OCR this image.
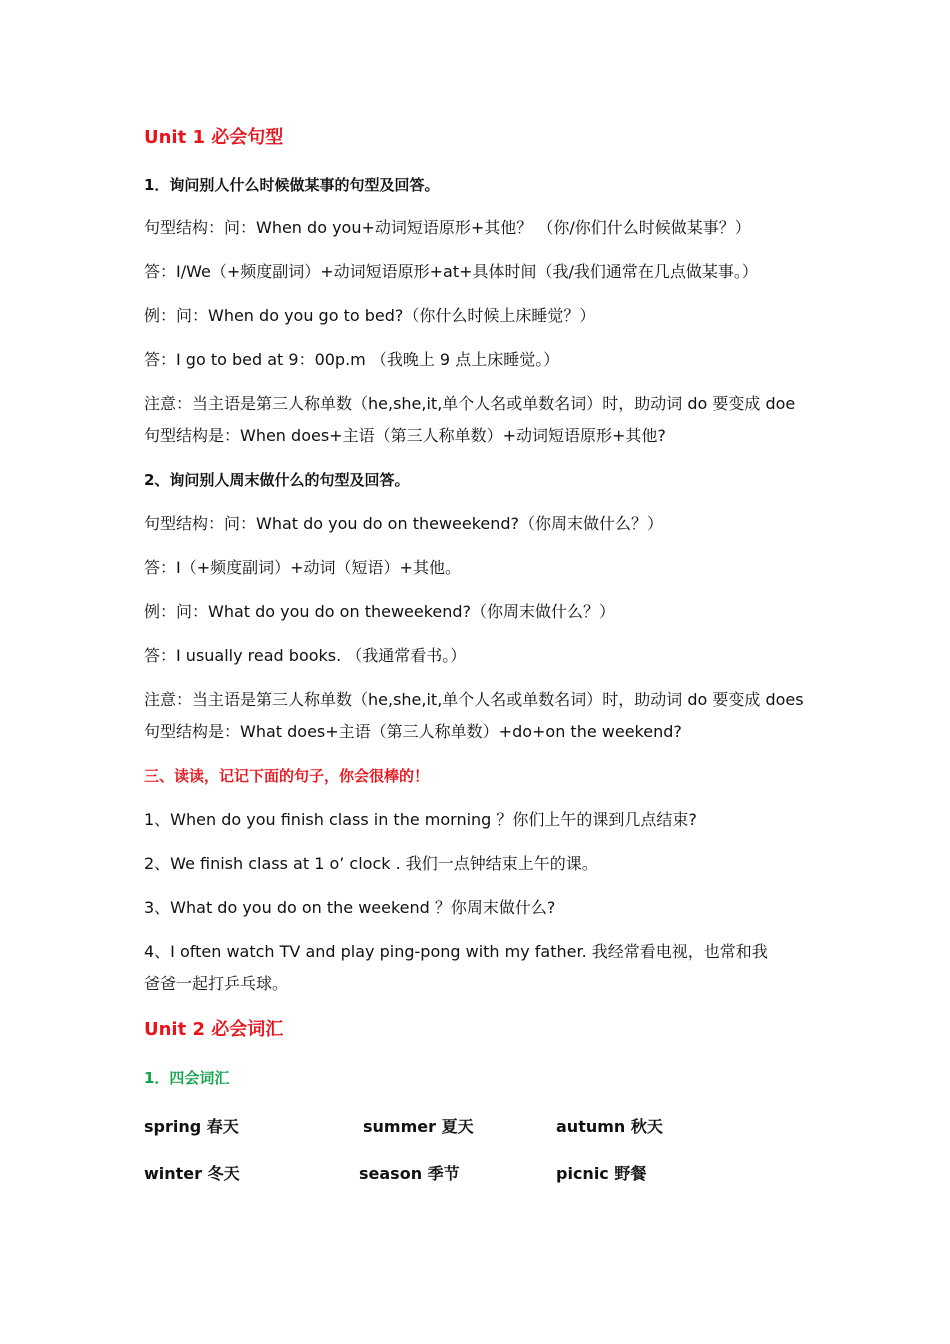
Unit 1 必会句型
1．询问别人什么时候做某事的句型及回答。
句型结构：问：When do you+动词短语原形+其他？ （你/你们什么时候做某事？）
答：I/We（+频度副词）+动词短语原形+at+具体时间（我/我们通常在几点做某事。）
例：问：When do you go to bed?（你什么时候上床睡觉？）
答：I go to bed at 9：00p.m （我晚上 9 点上床睡觉。）
注意：当主语是第三人称单数（he,she,it,单个人名或单数名词）时，助动词 do 要变成 doe
句型结构是：When does+主语（第三人称单数）+动词短语原形+其他?
2、询问别人周末做什么的句型及回答。
句型结构：问：What do you do on theweekend?（你周末做什么？）
答：I（+频度副词）+动词（短语）+其他。
例：问：What do you do on theweekend?（你周末做什么？）
答：I usually read books. （我通常看书。）
注意：当主语是第三人称单数（he,she,it,单个人名或单数名词）时，助动词 do 要变成 does
句型结构是：What does+主语（第三人称单数）+do+on the weekend?
三、读读，记记下面的句子，你会很棒的！
1、When do you finish class in the morning ？你们上午的课到几点结束?
2、We finish class at 1 o’ clock . 我们一点钟结束上午的课。
3、What do you do on the weekend ？你周末做什么?
4、I often watch TV and play ping-pong with my father. 我经常看电视，也常和我
爸爸一起打乒乓球。
Unit 2 必会词汇
1．四会词汇
spring 春天	summer 夏天	autumn 秋天
winter 冬天	season 季节	picnic 野餐
